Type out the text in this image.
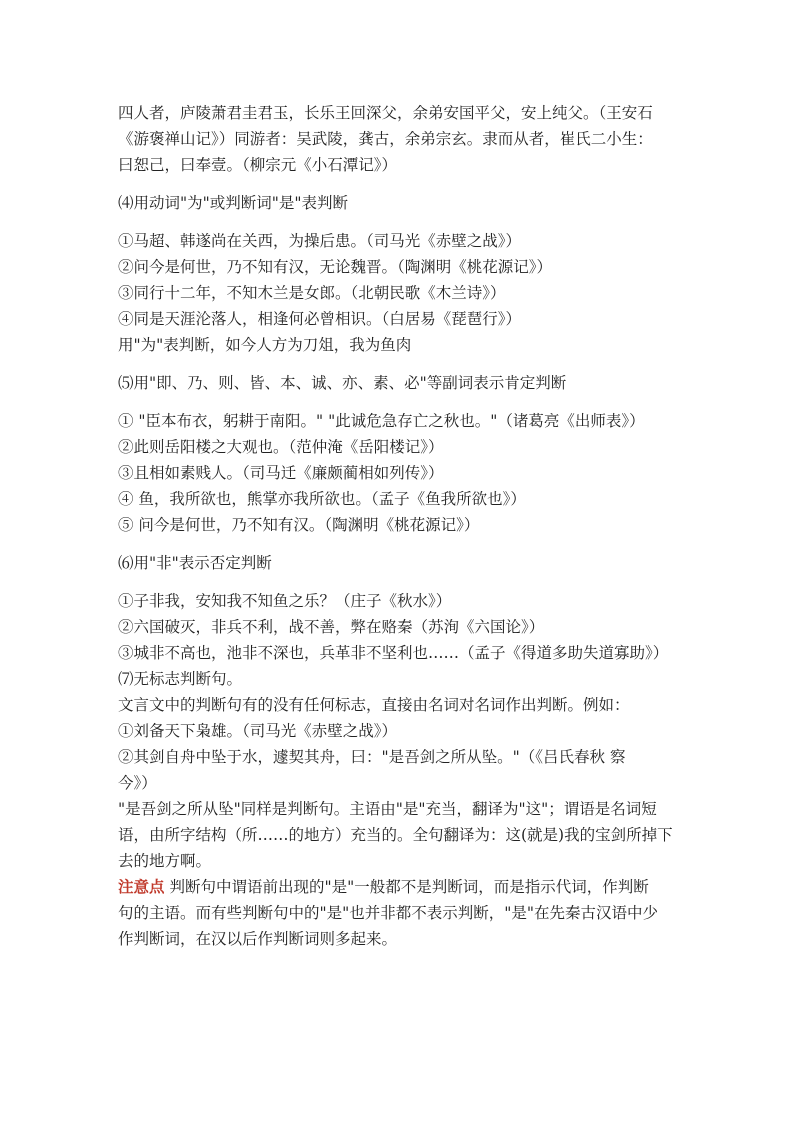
四人者，庐陵萧君圭君玉，长乐王回深父，余弟安国平父，安上纯父。（王安石
《游褒禅山记》）同游者：吴武陵，龚古，余弟宗玄。隶而从者，崔氏二小生：
曰恕己，曰奉壹。（柳宗元《小石潭记》）
⑷用动词"为"或判断词"是"表判断
①马超、韩遂尚在关西，为操后患。（司马光《赤壁之战》）
②问今是何世，乃不知有汉，无论魏晋。（陶渊明《桃花源记》）
③同行十二年，不知木兰是女郎。（北朝民歌《木兰诗》）
④同是天涯沦落人，相逢何必曾相识。（白居易《琵琶行》）
用"为"表判断，如今人方为刀俎，我为鱼肉
⑸用"即、乃、则、皆、本、诚、亦、素、必"等副词表示肯定判断
① "臣本布衣，躬耕于南阳。" "此诚危急存亡之秋也。"（诸葛亮《出师表》）
②此则岳阳楼之大观也。（范仲淹《岳阳楼记》）
③且相如素贱人。（司马迁《廉颇蔺相如列传》）
④ 鱼，我所欲也，熊掌亦我所欲也。（孟子《鱼我所欲也》）
⑤ 问今是何世，乃不知有汉。（陶渊明《桃花源记》）
⑹用"非"表示否定判断
①子非我，安知我不知鱼之乐？（庄子《秋水》）
②六国破灭，非兵不利，战不善，弊在赂秦（苏洵《六国论》）
③城非不高也，池非不深也，兵革非不坚利也……（孟子《得道多助失道寡助》）
⑺无标志判断句。
文言文中的判断句有的没有任何标志，直接由名词对名词作出判断。例如：
①刘备天下枭雄。（司马光《赤壁之战》）
②其剑自舟中坠于水，遽契其舟，曰："是吾剑之所从坠。"（《吕氏春秋 察
今》）
"是吾剑之所从坠"同样是判断句。主语由"是"充当，翻译为"这"；谓语是名词短
语，由所字结构（所……的地方）充当的。全句翻译为：这(就是)我的宝剑所掉下
去的地方啊。
注意点 判断句中谓语前出现的"是"一般都不是判断词，而是指示代词，作判断
句的主语。而有些判断句中的"是"也并非都不表示判断，"是"在先秦古汉语中少
作判断词，在汉以后作判断词则多起来。
